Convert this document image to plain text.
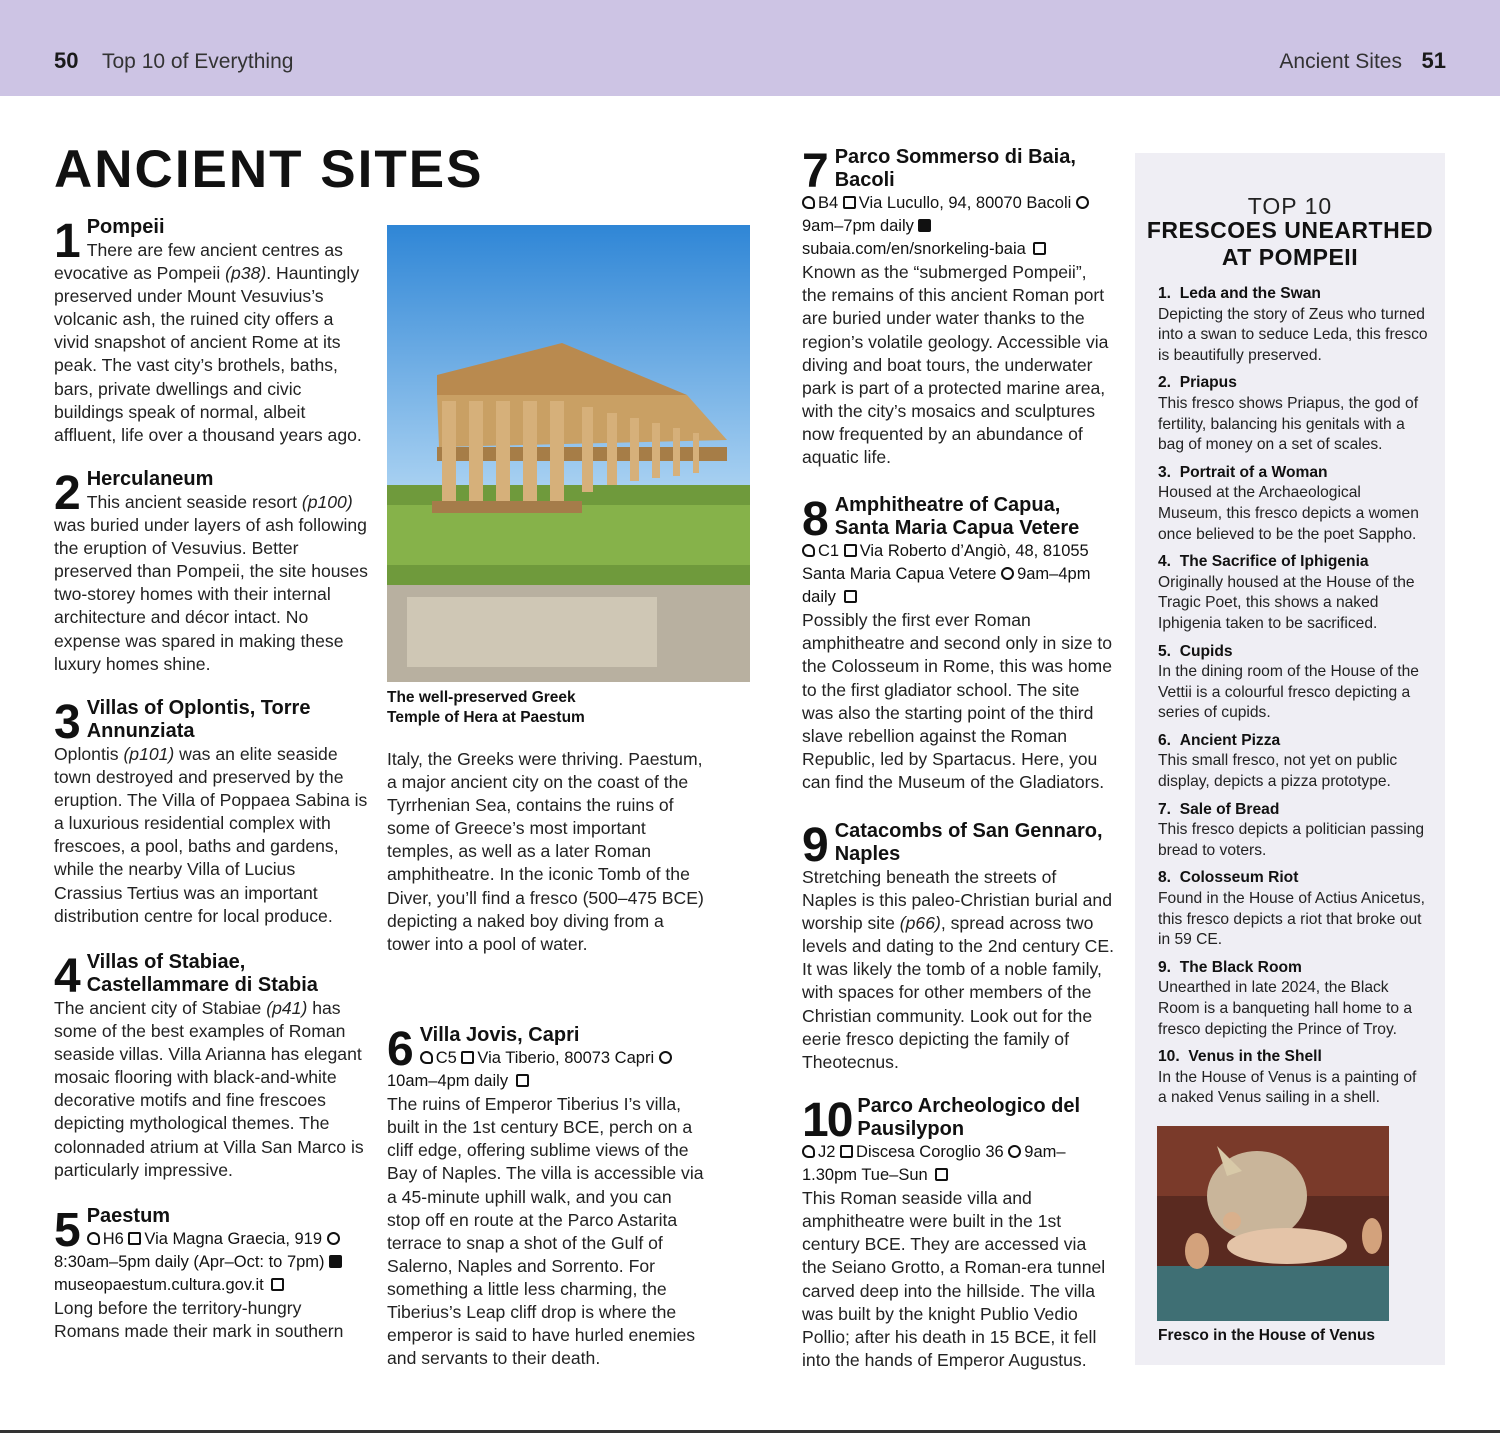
50 Top 10 of Everything	Ancient Sites 51
ANCIENT SITES
1 Pompeii

There are few ancient centres as evocative as Pompeii (p38). Hauntingly preserved under Mount Vesuvius’s volcanic ash, the ruined city offers a vivid snapshot of ancient Rome at its peak. The vast city’s brothels, baths, bars, private dwellings and civic buildings speak of normal, albeit affluent, life over a thousand years ago.

2 Herculaneum

This ancient seaside resort (p100) was buried under layers of ash following the eruption of Vesuvius. Better preserved than Pompeii, the site houses two-storey homes with their internal architecture and décor intact. No expense was spared in making these luxury homes shine.

3 Villas of Oplontis, Torre Annunziata

Oplontis (p101) was an elite seaside town destroyed and preserved by the eruption. The Villa of Poppaea Sabina is a luxurious residential complex with frescoes, a pool, baths and gardens, while the nearby Villa of Lucius Crassius Tertius was an important distribution centre for local produce.

4 Villas of Stabiae, Castellammare di Stabia

The ancient city of Stabiae (p41) has some of the best examples of Roman seaside villas. Villa Arianna has elegant mosaic flooring with black-and-white decorative motifs and fine frescoes depicting mythological themes. The colonnaded atrium at Villa San Marco is particularly impressive.

5 Paestum
H6 Via Magna Graecia, 919 8:30am–5pm daily (Apr–Oct: to 7pm) museopaestum.cultura.gov.it

Long before the territory-hungry Romans made their mark in southern

The well-preserved Greek Temple of Hera at Paestum

Italy, the Greeks were thriving. Paestum, a major ancient city on the coast of the Tyrrhenian Sea, contains the ruins of some of Greece’s most important temples, as well as a later Roman amphitheatre. In the iconic Tomb of the Diver, you’ll find a fresco (500–475 BCE) depicting a naked boy diving from a tower into a pool of water.

6 Villa Jovis, Capri
C5 Via Tiberio, 80073 Capri 10am–4pm daily

The ruins of Emperor Tiberius I’s villa, built in the 1st century BCE, perch on a cliff edge, offering sublime views of the Bay of Naples. The villa is accessible via a 45-minute uphill walk, and you can stop off en route at the Parco Astarita terrace to snap a shot of the Gulf of Salerno, Naples and Sorrento. For something a little less charming, the Tiberius’s Leap cliff drop is where the emperor is said to have hurled enemies and servants to their death.

7 Parco Sommerso di Baia, Bacoli
B4 Via Lucullo, 94, 80070 Bacoli 9am–7pm daily subaia.com/en/snorkeling-baia

Known as the “submerged Pompeii”, the remains of this ancient Roman port are buried under water thanks to the region’s volatile geology. Accessible via diving and boat tours, the underwater park is part of a protected marine area, with the city’s mosaics and sculptures now frequented by an abundance of aquatic life.

8 Amphitheatre of Capua, Santa Maria Capua Vetere
C1 Via Roberto d’Angiò, 48, 81055 Santa Maria Capua Vetere 9am–4pm daily

Possibly the first ever Roman amphitheatre and second only in size to the Colosseum in Rome, this was home to the first gladiator school. The site was also the starting point of the third slave rebellion against the Roman Republic, led by Spartacus. Here, you can find the Museum of the Gladiators.

9 Catacombs of San Gennaro, Naples

Stretching beneath the streets of Naples is this paleo-Christian burial and worship site (p66), spread across two levels and dating to the 2nd century CE. It was likely the tomb of a noble family, with spaces for other members of the Christian community. Look out for the eerie fresco depicting the family of Theotecnus.

10 Parco Archeologico del Pausilypon
J2 Discesa Coroglio 36 9am–1.30pm Tue–Sun

This Roman seaside villa and amphitheatre were built in the 1st century BCE. They are accessed via the Seiano Grotto, a Roman-era tunnel carved deep into the hillside. The villa was built by the knight Publio Vedio Pollio; after his death in 15 BCE, it fell into the hands of Emperor Augustus.

TOP 10
FRESCOES UNEARTHED AT POMPEII
1. Leda and the Swan
Depicting the story of Zeus who turned into a swan to seduce Leda, this fresco is beautifully preserved.
2. Priapus
This fresco shows Priapus, the god of fertility, balancing his genitals with a bag of money on a set of scales.
3. Portrait of a Woman
Housed at the Archaeological Museum, this fresco depicts a women once believed to be the poet Sappho.
4. The Sacrifice of Iphigenia
Originally housed at the House of the Tragic Poet, this shows a naked Iphigenia taken to be sacrificed.
5. Cupids
In the dining room of the House of the Vettii is a colourful fresco depicting a series of cupids.
6. Ancient Pizza
This small fresco, not yet on public display, depicts a pizza prototype.
7. Sale of Bread
This fresco depicts a politician passing bread to voters.
8. Colosseum Riot
Found in the House of Actius Anicetus, this fresco depicts a riot that broke out in 59 CE.
9. The Black Room
Unearthed in late 2024, the Black Room is a banqueting hall home to a fresco depicting the Prince of Troy.
10. Venus in the Shell
In the House of Venus is a painting of a naked Venus sailing in a shell.
Fresco in the House of Venus
